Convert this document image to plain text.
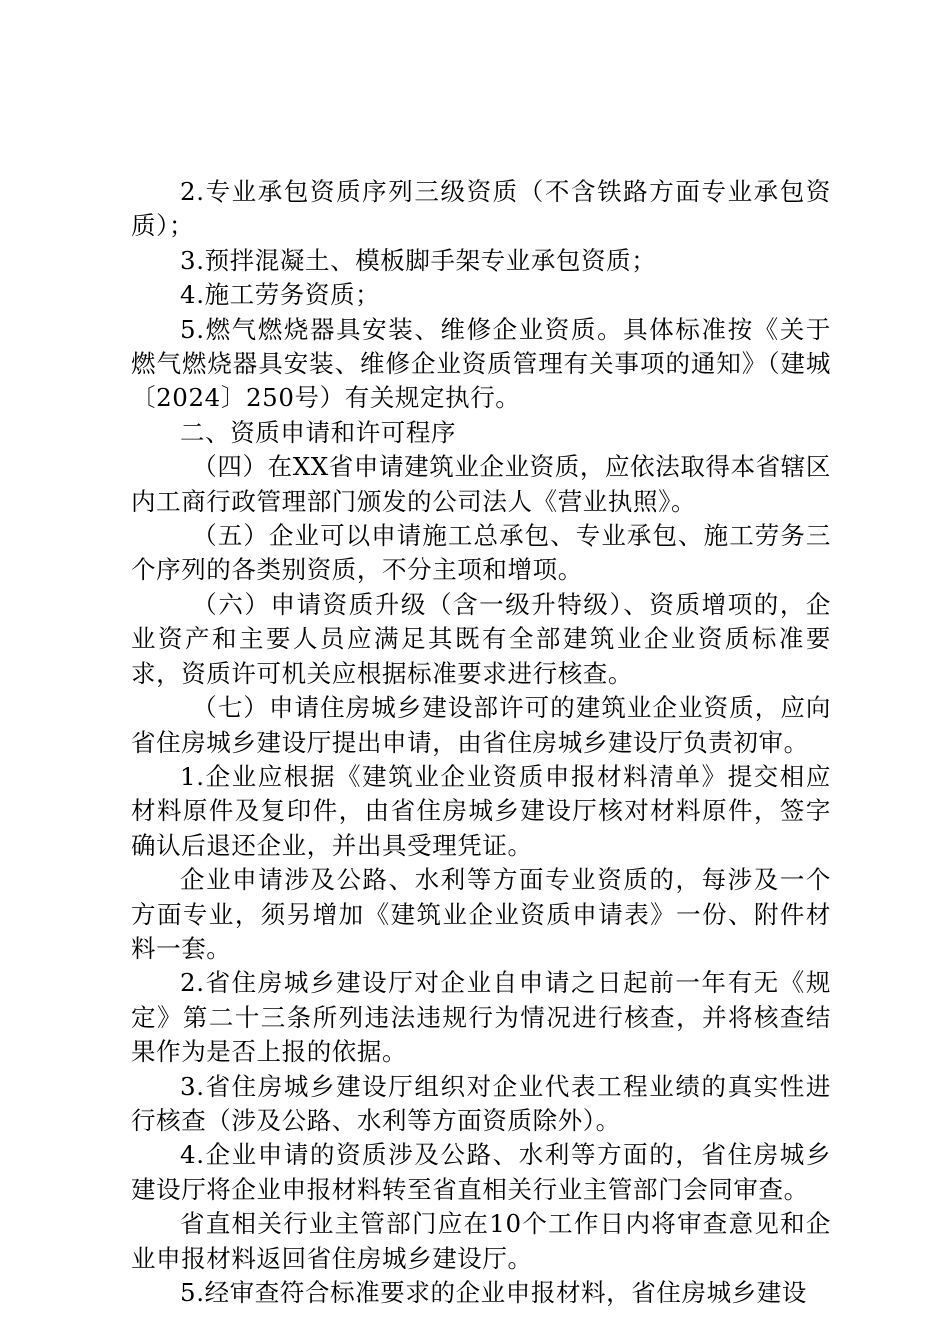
2.专业承包资质序列三级资质（不含铁路方面专业承包资质）；

3.预拌混凝土、模板脚手架专业承包资质；

4.施工劳务资质；

5.燃气燃烧器具安装、维修企业资质。具体标准按《关于燃气燃烧器具安装、维修企业资质管理有关事项的通知》（建城〔2024〕250号）有关规定执行。

二、资质申请和许可程序

（四）在XX省申请建筑业企业资质，应依法取得本省辖区内工商行政管理部门颁发的公司法人《营业执照》。

（五）企业可以申请施工总承包、专业承包、施工劳务三个序列的各类别资质，不分主项和增项。

（六）申请资质升级（含一级升特级）、资质增项的，企业资产和主要人员应满足其既有全部建筑业企业资质标准要求，资质许可机关应根据标准要求进行核查。

（七）申请住房城乡建设部许可的建筑业企业资质，应向省住房城乡建设厅提出申请，由省住房城乡建设厅负责初审。

1.企业应根据《建筑业企业资质申报材料清单》提交相应材料原件及复印件，由省住房城乡建设厅核对材料原件，签字确认后退还企业，并出具受理凭证。

企业申请涉及公路、水利等方面专业资质的，每涉及一个方面专业，须另增加《建筑业企业资质申请表》一份、附件材料一套。

2.省住房城乡建设厅对企业自申请之日起前一年有无《规定》第二十三条所列违法违规行为情况进行核查，并将核查结果作为是否上报的依据。

3.省住房城乡建设厅组织对企业代表工程业绩的真实性进行核查（涉及公路、水利等方面资质除外）。

4.企业申请的资质涉及公路、水利等方面的，省住房城乡建设厅将企业申报材料转至省直相关行业主管部门会同审查。

省直相关行业主管部门应在10个工作日内将审查意见和企业申报材料返回省住房城乡建设厅。

5.经审查符合标准要求的企业申报材料，省住房城乡建设
